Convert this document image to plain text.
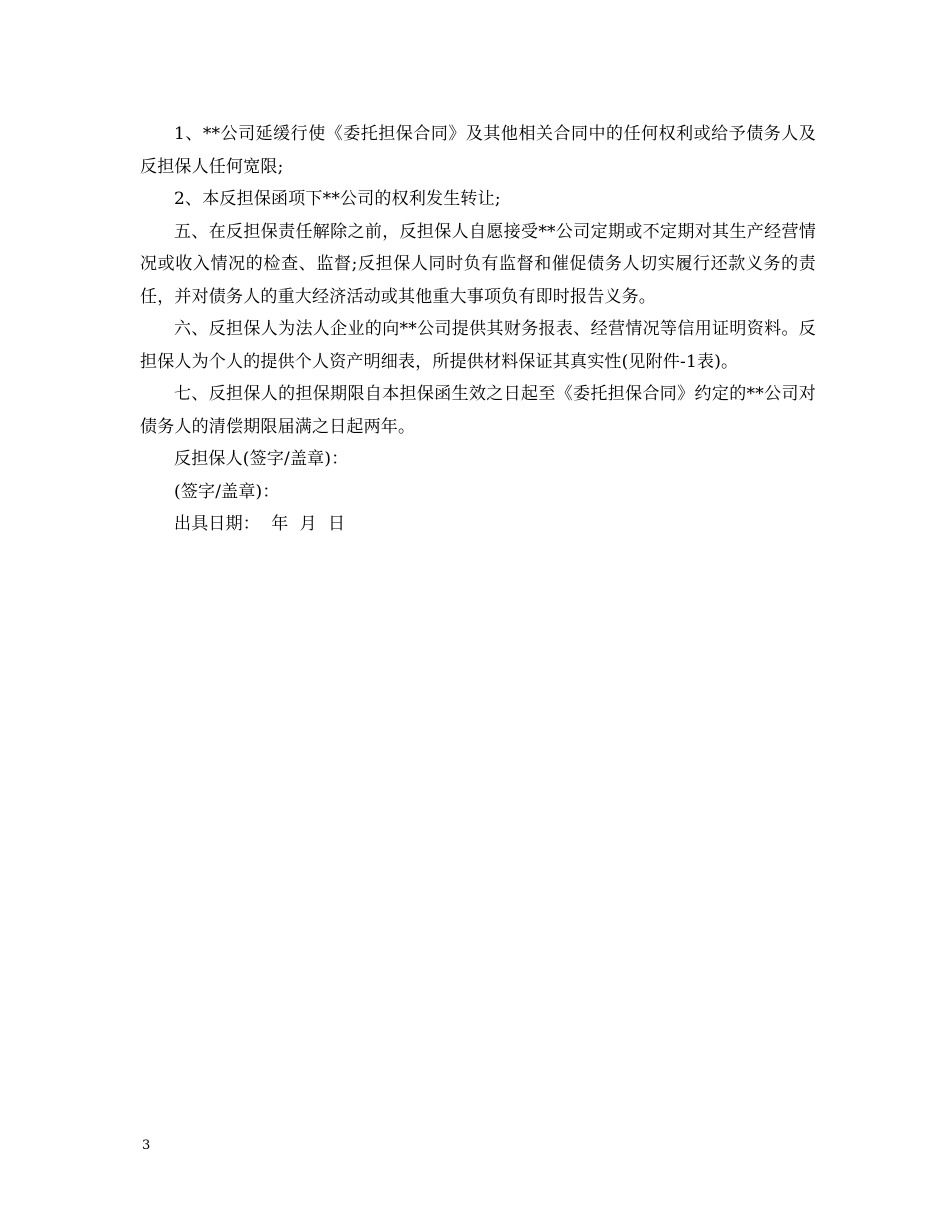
1、**公司延缓行使《委托担保合同》及其他相关合同中的任何权利或给予债务人及反担保人任何宽限;

2、本反担保函项下**公司的权利发生转让;

五、在反担保责任解除之前，反担保人自愿接受**公司定期或不定期对其生产经营情况或收入情况的检查、监督;反担保人同时负有监督和催促债务人切实履行还款义务的责任，并对债务人的重大经济活动或其他重大事项负有即时报告义务。

六、反担保人为法人企业的向**公司提供其财务报表、经营情况等信用证明资料。反担保人为个人的提供个人资产明细表，所提供材料保证其真实性(见附件-1表)。

七、反担保人的担保期限自本担保函生效之日起至《委托担保合同》约定的**公司对债务人的清偿期限届满之日起两年。

反担保人(签字/盖章)：

(签字/盖章)：

出具日期：  年  月  日

3
